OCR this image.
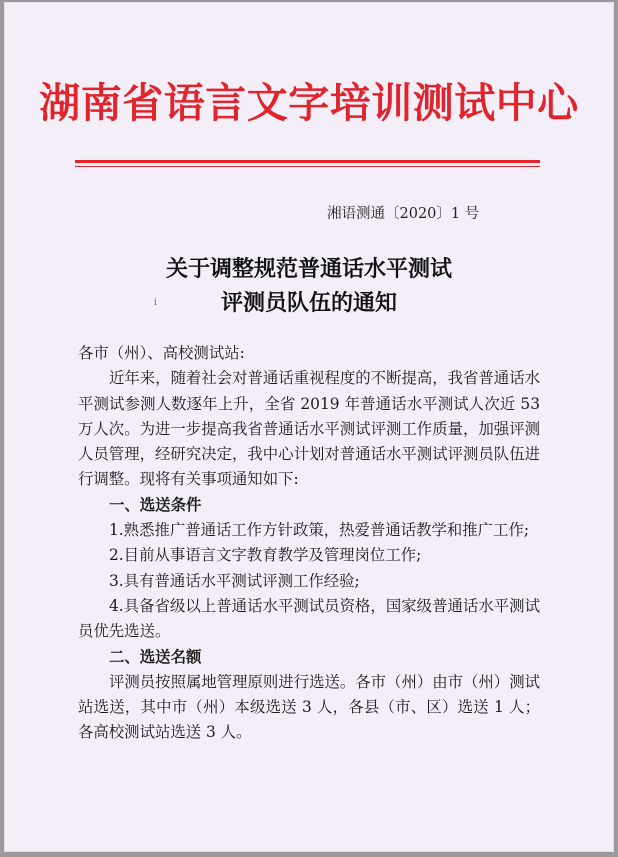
湖南省语言文字培训测试中心
湘语测通〔2020〕1 号
关于调整规范普通话水平测试
评测员队伍的通知
ⅰ

各市（州）、高校测试站:

近年来，随着社会对普通话重视程度的不断提高，我省普通话水平测试参测人数逐年上升，全省 2019 年普通话水平测试人次近 53 万人次。为进一步提高我省普通话水平测试评测工作质量，加强评测人员管理，经研究决定，我中心计划对普通话水平测试评测员队伍进行调整。现将有关事项通知如下:

一、选送条件

1.熟悉推广普通话工作方针政策，热爱普通话教学和推广工作;

2.目前从事语言文字教育教学及管理岗位工作;

3.具有普通话水平测试评测工作经验;

4.具备省级以上普通话水平测试员资格，国家级普通话水平测试员优先选送。

二、选送名额

评测员按照属地管理原则进行选送。各市（州）由市（州）测试站选送，其中市（州）本级选送 3 人，各县（市、区）选送 1 人；各高校测试站选送 3 人。
